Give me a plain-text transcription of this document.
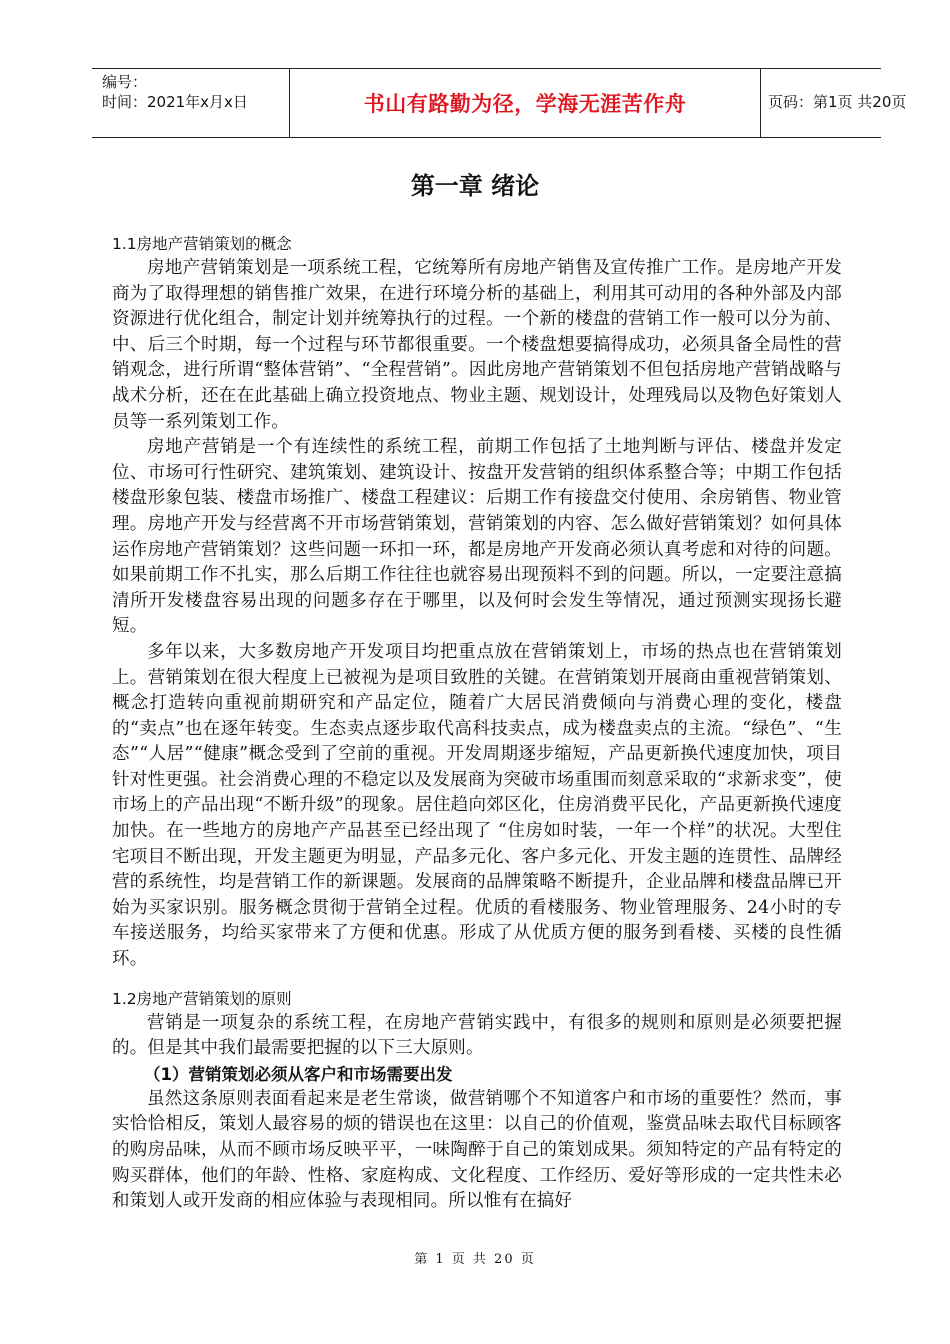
编号：
时间：2021年x月x日	书山有路勤为径，学海无涯苦作舟	页码：第1页 共20页
第一章 绪论

1.1房地产营销策划的概念

房地产营销策划是一项系统工程，它统筹所有房地产销售及宣传推广工作。是房地产开发商为了取得理想的销售推广效果，在进行环境分析的基础上，利用其可动用的各种外部及内部资源进行优化组合，制定计划并统筹执行的过程。一个新的楼盘的营销工作一般可以分为前、中、后三个时期，每一个过程与环节都很重要。一个楼盘想要搞得成功，必须具备全局性的营销观念，进行所谓“整体营销”、“全程营销”。因此房地产营销策划不但包括房地产营销战略与战术分析，还在在此基础上确立投资地点、物业主题、规划设计，处理残局以及物色好策划人员等一系列策划工作。

房地产营销是一个有连续性的系统工程，前期工作包括了土地判断与评估、楼盘并发定位、市场可行性研究、建筑策划、建筑设计、按盘开发营销的组织体系整合等；中期工作包括楼盘形象包装、楼盘市场推广、楼盘工程建议：后期工作有接盘交付使用、余房销售、物业管理。房地产开发与经营离不开市场营销策划，营销策划的内容、怎么做好营销策划？如何具体运作房地产营销策划？这些问题一环扣一环，都是房地产开发商必须认真考虑和对待的问题。如果前期工作不扎实，那么后期工作往往也就容易出现预料不到的问题。所以，一定要注意搞清所开发楼盘容易出现的问题多存在于哪里，以及何时会发生等情况，通过预测实现扬长避短。

多年以来，大多数房地产开发项目均把重点放在营销策划上，市场的热点也在营销策划上。营销策划在很大程度上已被视为是项目致胜的关键。在营销策划开展商由重视营销策划、概念打造转向重视前期研究和产品定位，随着广大居民消费倾向与消费心理的变化，楼盘的“卖点”也在逐年转变。生态卖点逐步取代高科技卖点，成为楼盘卖点的主流。“绿色”、“生态”“人居”“健康”概念受到了空前的重视。开发周期逐步缩短，产品更新换代速度加快，项目针对性更强。社会消费心理的不稳定以及发展商为突破市场重围而刻意采取的“求新求变”，使市场上的产品出现“不断升级”的现象。居住趋向郊区化，住房消费平民化，产品更新换代速度加快。在一些地方的房地产产品甚至已经出现了 “住房如时装，一年一个样”的状况。大型住宅项目不断出现，开发主题更为明显，产品多元化、客户多元化、开发主题的连贯性、品牌经营的系统性，均是营销工作的新课题。发展商的品牌策略不断提升，企业品牌和楼盘品牌已开始为买家识别。服务概念贯彻于营销全过程。优质的看楼服务、物业管理服务、24小时的专车接送服务，均给买家带来了方便和优惠。形成了从优质方便的服务到看楼、买楼的良性循环。

1.2房地产营销策划的原则

营销是一项复杂的系统工程，在房地产营销实践中，有很多的规则和原则是必须要把握的。但是其中我们最需要把握的以下三大原则。

（1）营销策划必须从客户和市场需要出发

虽然这条原则表面看起来是老生常谈，做营销哪个不知道客户和市场的重要性？然而，事实恰恰相反，策划人最容易的烦的错误也在这里：以自己的价值观，鉴赏品味去取代目标顾客的购房品味，从而不顾市场反映平平，一味陶醉于自己的策划成果。须知特定的产品有特定的购买群体，他们的年龄、性格、家庭构成、文化程度、工作经历、爱好等形成的一定共性未必和策划人或开发商的相应体验与表现相同。所以惟有在搞好

第 1 页 共 20 页
